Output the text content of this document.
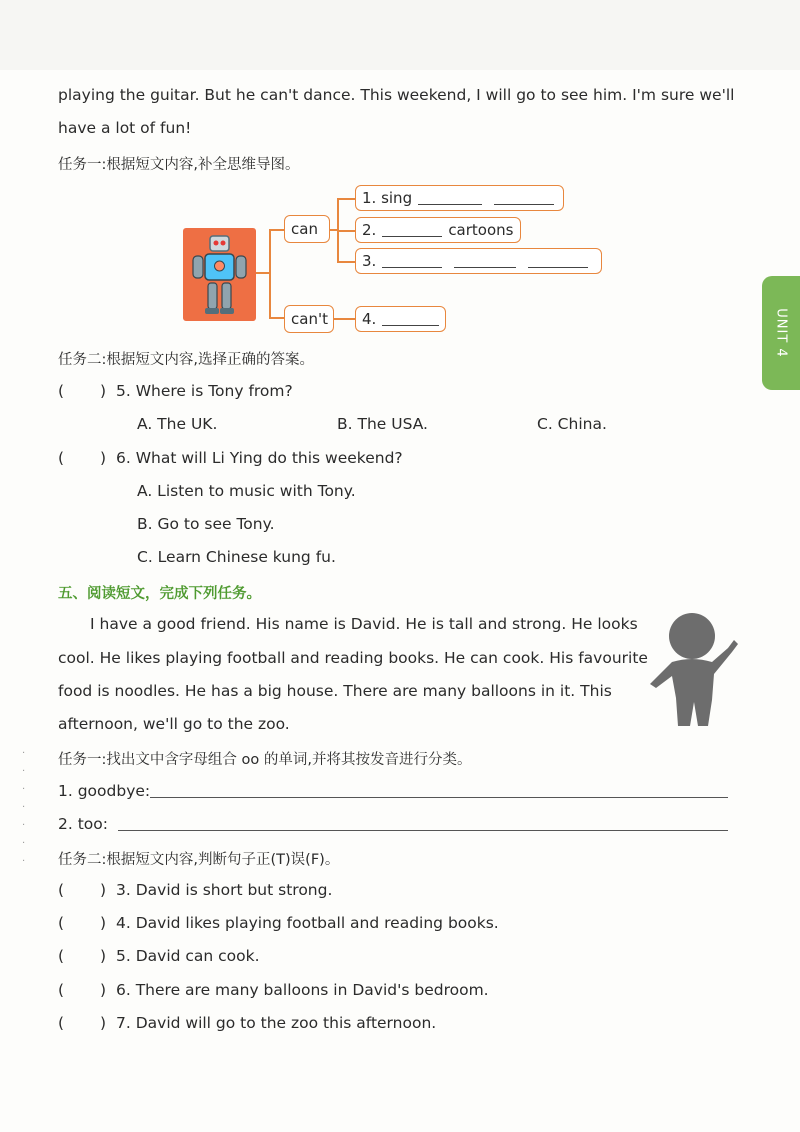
playing the guitar. But he can't dance. This weekend, I will go to see him. I'm sure we'll
have a lot of fun!
任务一:根据短文内容,补全思维导图。
can
can't
1. sing
2.	cartoons
3.
4.
任务二:根据短文内容,选择正确的答案。
( ) 5. Where is Tony from?
A. The UK.	B. The USA.	C. China.
( ) 6. What will Li Ying do this weekend?
A. Listen to music with Tony.
B. Go to see Tony.
C. Learn Chinese kung fu.
五、阅读短文，完成下列任务。
I have a good friend. His name is David. He is tall and strong. He looks
cool. He likes playing football and reading books. He can cook. His favourite
food is noodles. He has a big house. There are many balloons in it. This
afternoon, we'll go to the zoo.
任务一:找出文中含字母组合 oo 的单词,并将其按发音进行分类。
1. goodbye:
2. too:
任务二:根据短文内容,判断句子正(T)误(F)。
( ) 3. David is short but strong.
( ) 4. David likes playing football and reading books.
( ) 5. David can cook.
( ) 6. There are many balloons in David's bedroom.
( ) 7. David will go to the zoo this afternoon.
UNIT 4
·
·
·
·
·
·
·
